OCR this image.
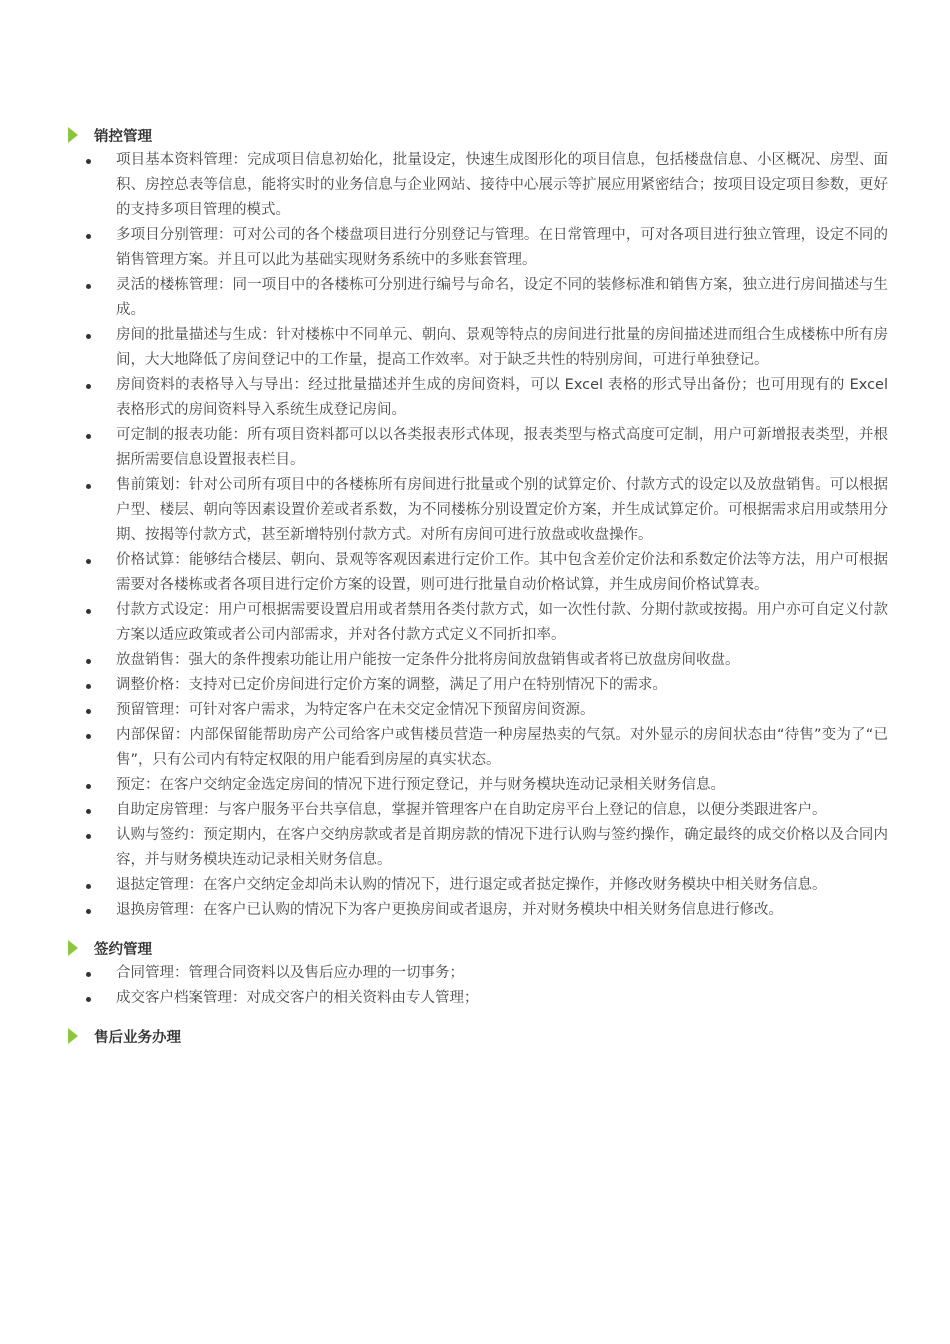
销控管理
项目基本资料管理：完成项目信息初始化，批量设定，快速生成图形化的项目信息，包括楼盘信息、小区概况、房型、面积、房控总表等信息，能将实时的业务信息与企业网站、接待中心展示等扩展应用紧密结合；按项目设定项目参数，更好的支持多项目管理的模式。
多项目分别管理：可对公司的各个楼盘项目进行分别登记与管理。在日常管理中，可对各项目进行独立管理，设定不同的销售管理方案。并且可以此为基础实现财务系统中的多账套管理。
灵活的楼栋管理：同一项目中的各楼栋可分别进行编号与命名，设定不同的装修标准和销售方案，独立进行房间描述与生成。
房间的批量描述与生成：针对楼栋中不同单元、朝向、景观等特点的房间进行批量的房间描述进而组合生成楼栋中所有房间，大大地降低了房间登记中的工作量，提高工作效率。对于缺乏共性的特别房间，可进行单独登记。
房间资料的表格导入与导出：经过批量描述并生成的房间资料，可以 Excel 表格的形式导出备份；也可用现有的 Excel 表格形式的房间资料导入系统生成登记房间。
可定制的报表功能：所有项目资料都可以以各类报表形式体现，报表类型与格式高度可定制，用户可新增报表类型，并根据所需要信息设置报表栏目。
售前策划：针对公司所有项目中的各楼栋所有房间进行批量或个别的试算定价、付款方式的设定以及放盘销售。可以根据户型、楼层、朝向等因素设置价差或者系数，为不同楼栋分别设置定价方案，并生成试算定价。可根据需求启用或禁用分期、按揭等付款方式，甚至新增特别付款方式。对所有房间可进行放盘或收盘操作。
价格试算：能够结合楼层、朝向、景观等客观因素进行定价工作。其中包含差价定价法和系数定价法等方法，用户可根据需要对各楼栋或者各项目进行定价方案的设置，则可进行批量自动价格试算，并生成房间价格试算表。
付款方式设定：用户可根据需要设置启用或者禁用各类付款方式，如一次性付款、分期付款或按揭。用户亦可自定义付款方案以适应政策或者公司内部需求，并对各付款方式定义不同折扣率。
放盘销售：强大的条件搜索功能让用户能按一定条件分批将房间放盘销售或者将已放盘房间收盘。
调整价格：支持对已定价房间进行定价方案的调整，满足了用户在特别情况下的需求。
预留管理：可针对客户需求，为特定客户在未交定金情况下预留房间资源。
内部保留：内部保留能帮助房产公司给客户或售楼员营造一种房屋热卖的气氛。对外显示的房间状态由“待售”变为了“已售”，只有公司内有特定权限的用户能看到房屋的真实状态。
预定：在客户交纳定金选定房间的情况下进行预定登记，并与财务模块连动记录相关财务信息。
自助定房管理：与客户服务平台共享信息，掌握并管理客户在自助定房平台上登记的信息，以便分类跟进客户。
认购与签约：预定期内，在客户交纳房款或者是首期房款的情况下进行认购与签约操作，确定最终的成交价格以及合同内容，并与财务模块连动记录相关财务信息。
退挞定管理：在客户交纳定金却尚未认购的情况下，进行退定或者挞定操作，并修改财务模块中相关财务信息。
退换房管理：在客户已认购的情况下为客户更换房间或者退房，并对财务模块中相关财务信息进行修改。
签约管理
合同管理：管理合同资料以及售后应办理的一切事务；
成交客户档案管理：对成交客户的相关资料由专人管理；
售后业务办理
